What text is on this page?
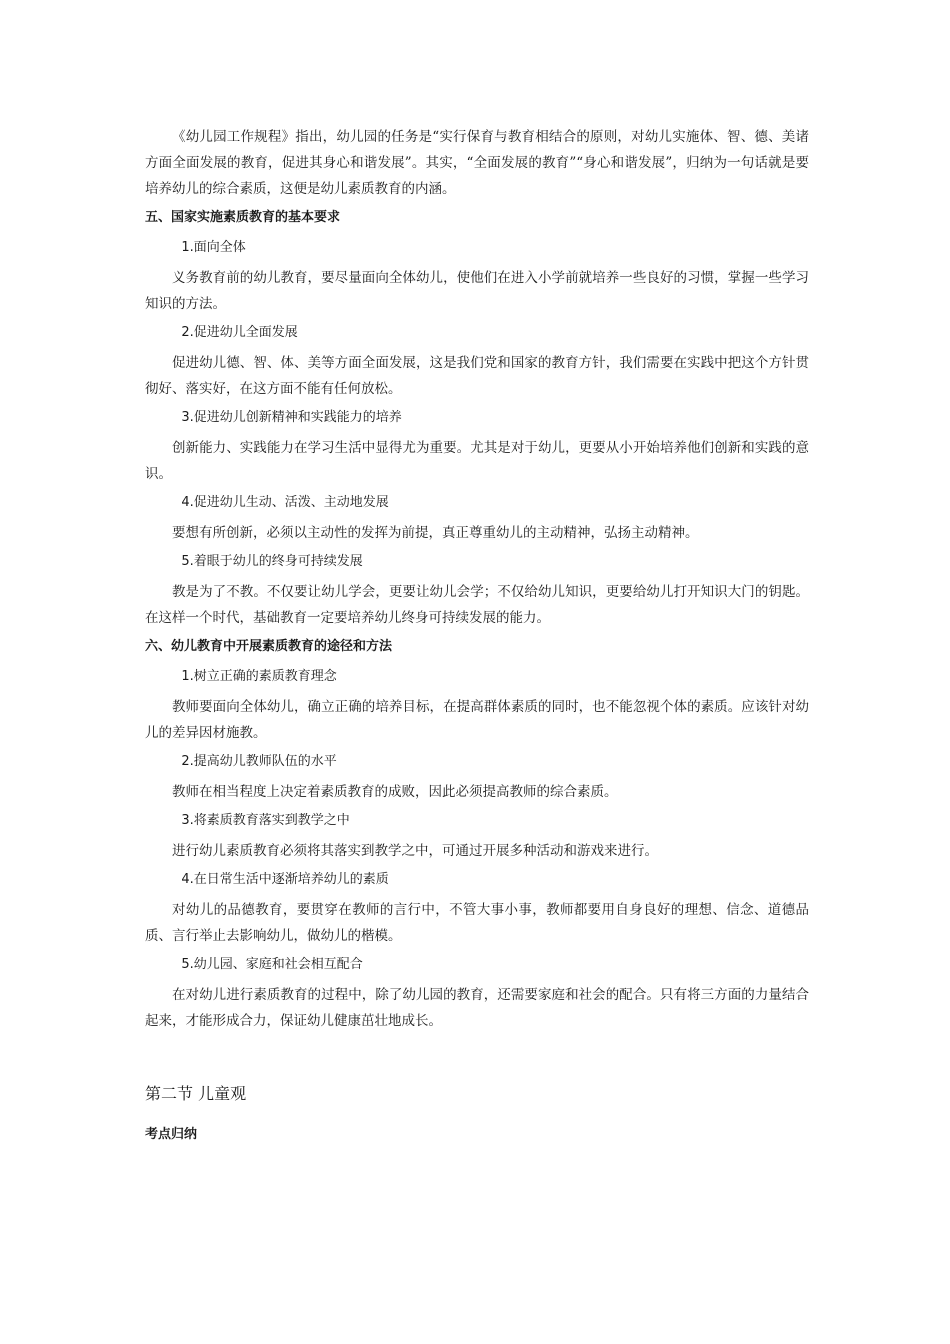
《幼儿园工作规程》指出，幼儿园的任务是“实行保育与教育相结合的原则，对幼儿实施体、智、德、美诸方面全面发展的教育，促进其身心和谐发展”。其实，“全面发展的教育”“身心和谐发展”，归纳为一句话就是要培养幼儿的综合素质，这便是幼儿素质教育的内涵。

五、国家实施素质教育的基本要求
1.面向全体

义务教育前的幼儿教育，要尽量面向全体幼儿，使他们在进入小学前就培养一些良好的习惯，掌握一些学习知识的方法。

2.促进幼儿全面发展

促进幼儿德、智、体、美等方面全面发展，这是我们党和国家的教育方针，我们需要在实践中把这个方针贯彻好、落实好，在这方面不能有任何放松。

3.促进幼儿创新精神和实践能力的培养

创新能力、实践能力在学习生活中显得尤为重要。尤其是对于幼儿，更要从小开始培养他们创新和实践的意识。

4.促进幼儿生动、活泼、主动地发展

要想有所创新，必须以主动性的发挥为前提，真正尊重幼儿的主动精神，弘扬主动精神。

5.着眼于幼儿的终身可持续发展

教是为了不教。不仅要让幼儿学会，更要让幼儿会学；不仅给幼儿知识，更要给幼儿打开知识大门的钥匙。在这样一个时代，基础教育一定要培养幼儿终身可持续发展的能力。

六、幼儿教育中开展素质教育的途径和方法
1.树立正确的素质教育理念

教师要面向全体幼儿，确立正确的培养目标，在提高群体素质的同时，也不能忽视个体的素质。应该针对幼儿的差异因材施教。

2.提高幼儿教师队伍的水平

教师在相当程度上决定着素质教育的成败，因此必须提高教师的综合素质。

3.将素质教育落实到教学之中

进行幼儿素质教育必须将其落实到教学之中，可通过开展多种活动和游戏来进行。

4.在日常生活中逐渐培养幼儿的素质

对幼儿的品德教育，要贯穿在教师的言行中，不管大事小事，教师都要用自身良好的理想、信念、道德品质、言行举止去影响幼儿，做幼儿的楷模。

5.幼儿园、家庭和社会相互配合

在对幼儿进行素质教育的过程中，除了幼儿园的教育，还需要家庭和社会的配合。只有将三方面的力量结合起来，才能形成合力，保证幼儿健康茁壮地成长。

第二节 儿童观
考点归纳
